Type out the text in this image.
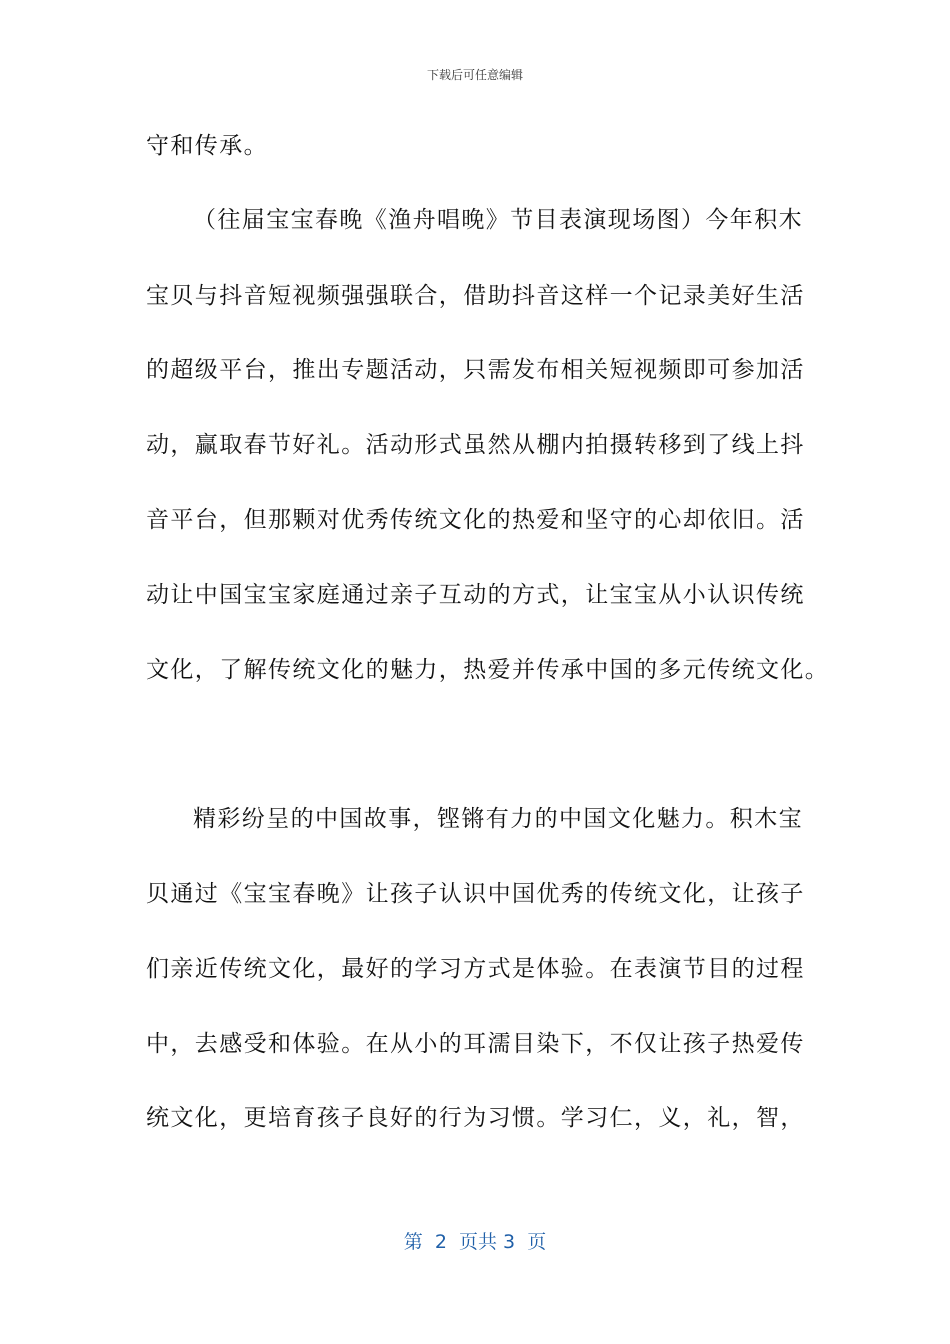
下载后可任意编辑
守和传承。
（往届宝宝春晚《渔舟唱晚》节目表演现场图）今年积木
宝贝与抖音短视频强强联合，借助抖音这样一个记录美好生活
的超级平台，推出专题活动，只需发布相关短视频即可参加活
动，赢取春节好礼。活动形式虽然从棚内拍摄转移到了线上抖
音平台，但那颗对优秀传统文化的热爱和坚守的心却依旧。活
动让中国宝宝家庭通过亲子互动的方式，让宝宝从小认识传统
文化，了解传统文化的魅力，热爱并传承中国的多元传统文化。
精彩纷呈的中国故事，铿锵有力的中国文化魅力。积木宝
贝通过《宝宝春晚》让孩子认识中国优秀的传统文化，让孩子
们亲近传统文化，最好的学习方式是体验。在表演节目的过程
中，去感受和体验。在从小的耳濡目染下，不仅让孩子热爱传
统文化，更培育孩子良好的行为习惯。学习仁，义，礼，智，
第  2  页共 3  页
